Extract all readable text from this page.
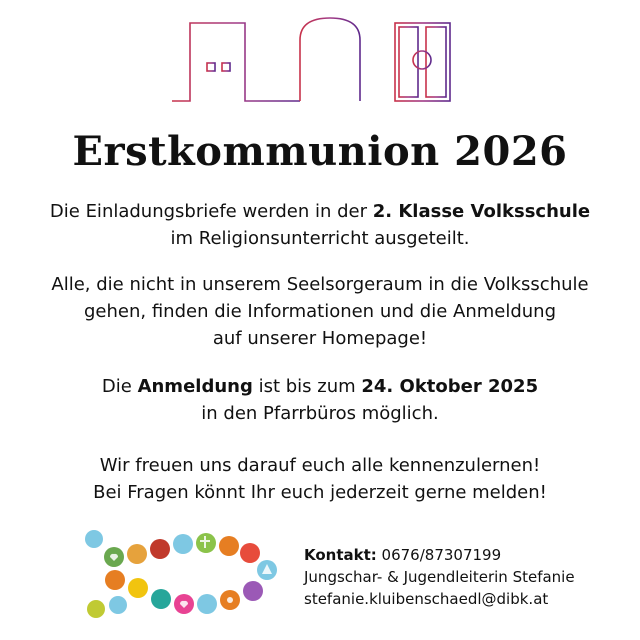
Erstkommunion 2026
Die Einladungsbriefe werden in der 2. Klasse Volksschule
im Religionsunterricht ausgeteilt.
Alle, die nicht in unserem Seelsorgeraum in die Volksschule
gehen, finden die Informationen und die Anmeldung
auf unserer Homepage!
Die Anmeldung ist bis zum 24. Oktober 2025
in den Pfarrbüros möglich.
Wir freuen uns darauf euch alle kennenzulernen!
Bei Fragen könnt Ihr euch jederzeit gerne melden!
Kontakt: 0676/87307199
Jungschar- & Jugendleiterin Stefanie
stefanie.kluibenschaedl@dibk.at
